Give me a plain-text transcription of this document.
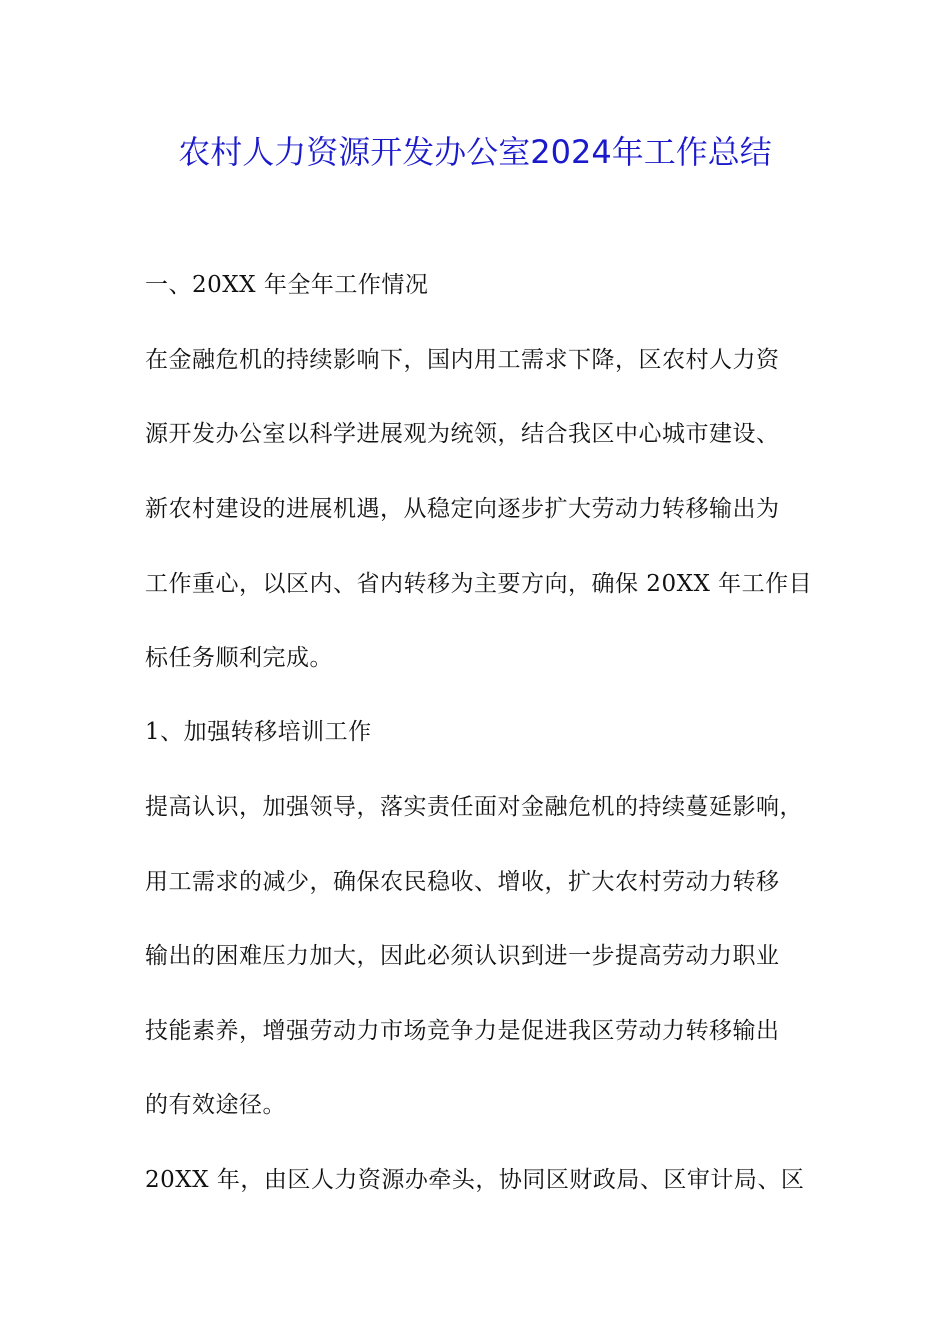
农村人力资源开发办公室2024年工作总结
一、20XX 年全年工作情况
在金融危机的持续影响下，国内用工需求下降，区农村人力资
源开发办公室以科学进展观为统领，结合我区中心城市建设、
新农村建设的进展机遇，从稳定向逐步扩大劳动力转移输出为
工作重心，以区内、省内转移为主要方向，确保 20XX 年工作目
标任务顺利完成。
1、加强转移培训工作
提高认识，加强领导，落实责任面对金融危机的持续蔓延影响，
用工需求的减少，确保农民稳收、增收，扩大农村劳动力转移
输出的困难压力加大，因此必须认识到进一步提高劳动力职业
技能素养，增强劳动力市场竞争力是促进我区劳动力转移输出
的有效途径。
20XX 年，由区人力资源办牵头，协同区财政局、区审计局、区
